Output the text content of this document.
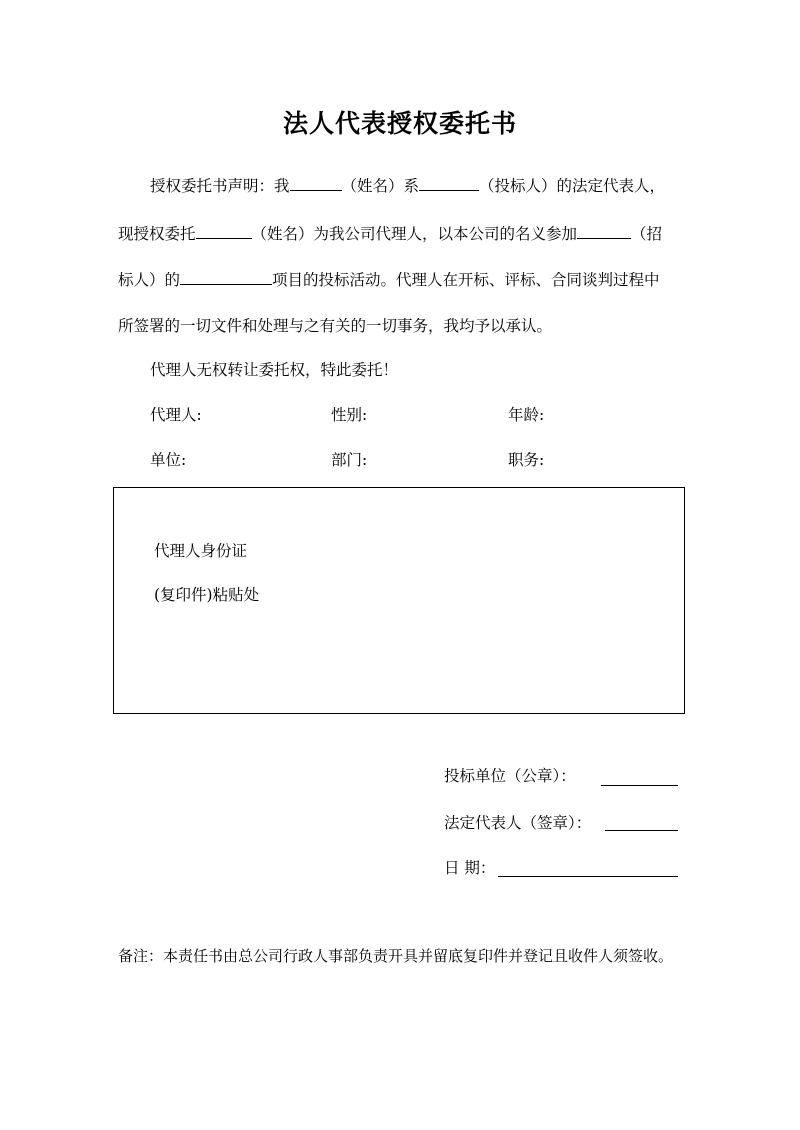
法人代表授权委托书
授权委托书声明：我	（姓名）系	（投标人）的法定代表人，
现授权委托	（姓名）为我公司代理人，以本公司的名义参加	（招
标人）的	项目的投标活动。代理人在开标、评标、合同谈判过程中
所签署的一切文件和处理与之有关的一切事务，我均予以承认。
代理人无权转让委托权，特此委托！
代理人:	性别:	年龄:
单位:	部门:	职务:
代理人身份证
(复印件)粘贴处
投标单位（公章）：
法定代表人（签章）：
日 期：
备注：本责任书由总公司行政人事部负责开具并留底复印件并登记且收件人须签收。
